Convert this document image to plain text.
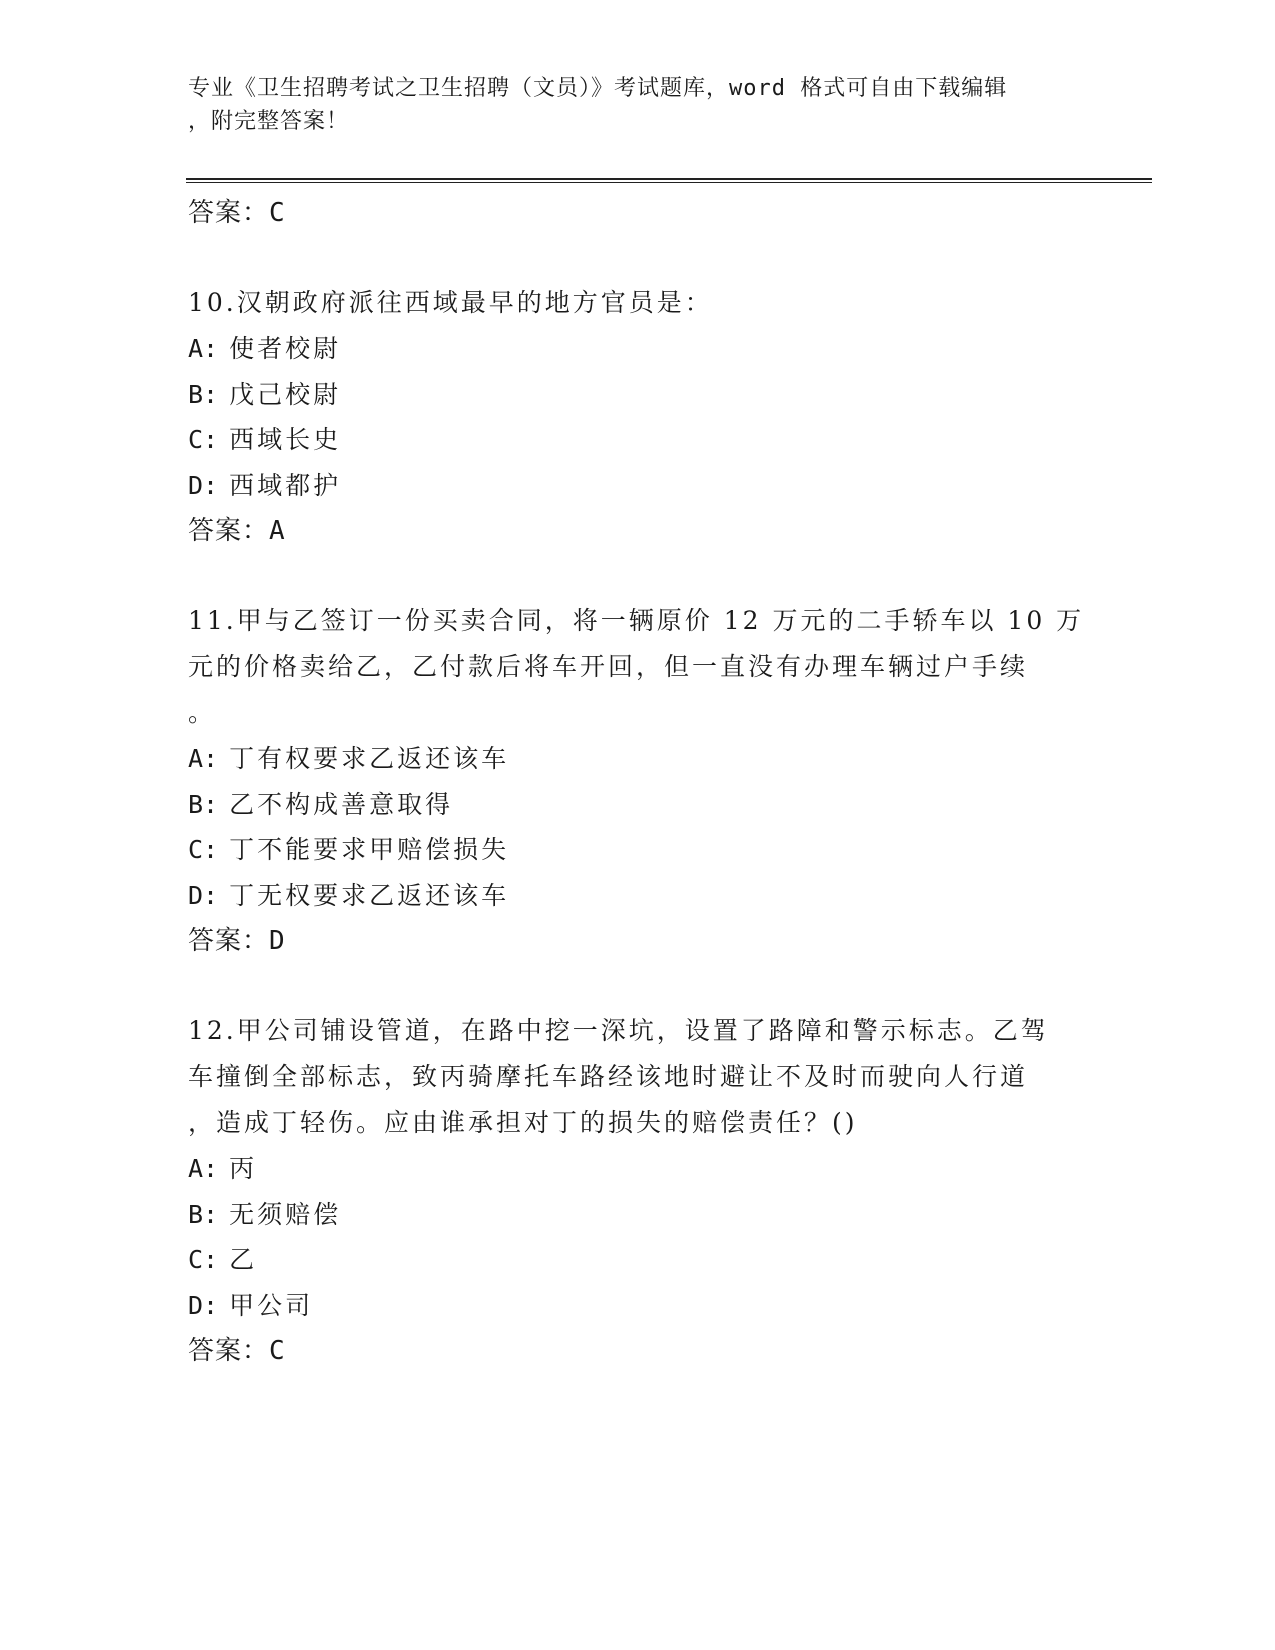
专业《卫生招聘考试之卫生招聘（文员）》考试题库，word 格式可自由下载编辑
，附完整答案！
答案：C
10.汉朝政府派往西域最早的地方官员是：
A: 使者校尉
B: 戊己校尉
C: 西域长史
D: 西域都护
答案：A
11.甲与乙签订一份买卖合同，将一辆原价 12 万元的二手轿车以 10 万
元的价格卖给乙，乙付款后将车开回，但一直没有办理车辆过户手续
。
A: 丁有权要求乙返还该车
B: 乙不构成善意取得
C: 丁不能要求甲赔偿损失
D: 丁无权要求乙返还该车
答案：D
12.甲公司铺设管道，在路中挖一深坑，设置了路障和警示标志。乙驾
车撞倒全部标志，致丙骑摩托车路经该地时避让不及时而驶向人行道
，造成丁轻伤。应由谁承担对丁的损失的赔偿责任？()
A: 丙
B: 无须赔偿
C: 乙
D: 甲公司
答案：C
